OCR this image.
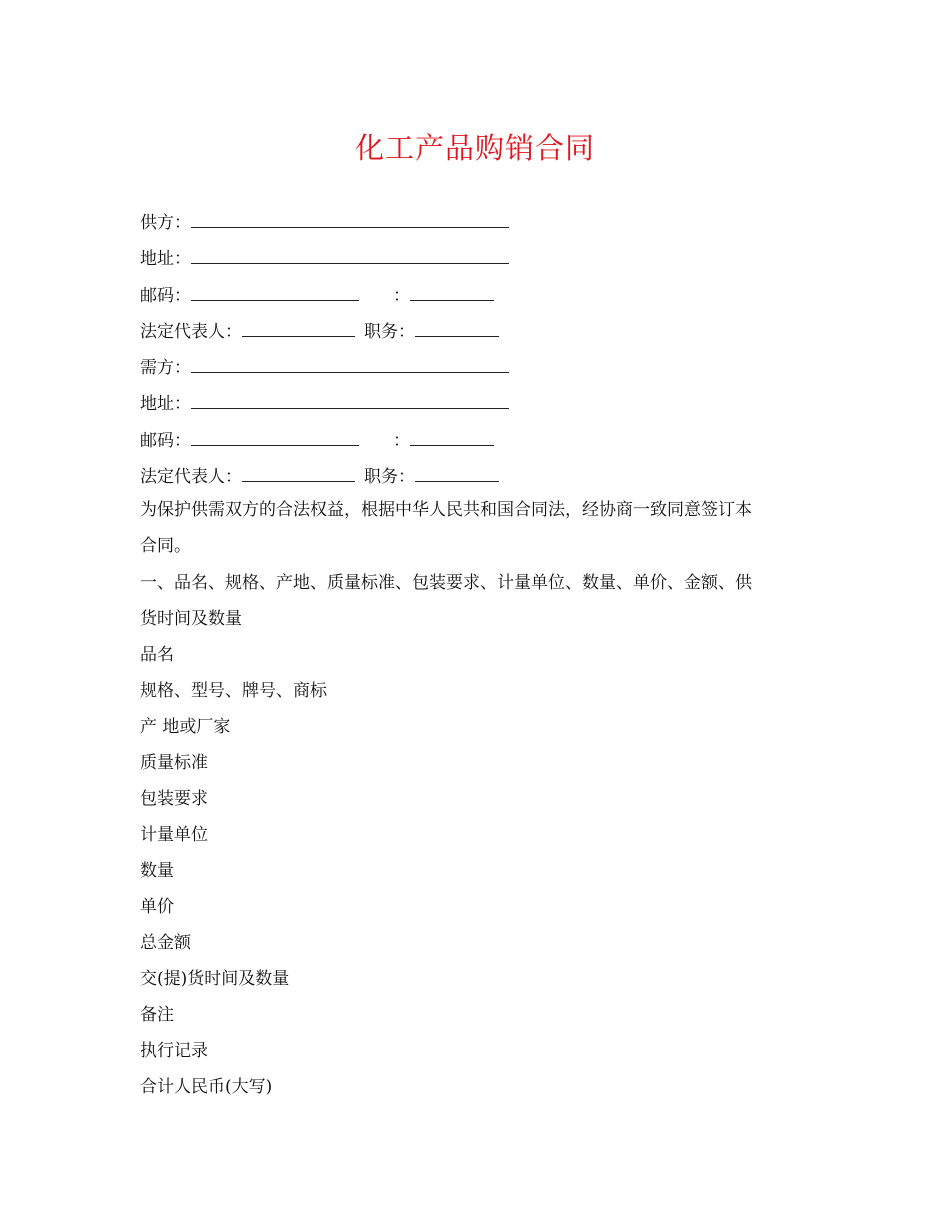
化工产品购销合同
供方：
地址：
邮码：	：
法定代表人：	职务：
需方：
地址：
邮码：	：
法定代表人：	职务：
为保护供需双方的合法权益，根据中华人民共和国合同法，经协商一致同意签订本
合同。
一、品名、规格、产地、质量标准、包装要求、计量单位、数量、单价、金额、供
货时间及数量
品名
规格、型号、牌号、商标
产 地或厂家
质量标准
包装要求
计量单位
数量
单价
总金额
交(提)货时间及数量
备注
执行记录
合计人民币(大写)
